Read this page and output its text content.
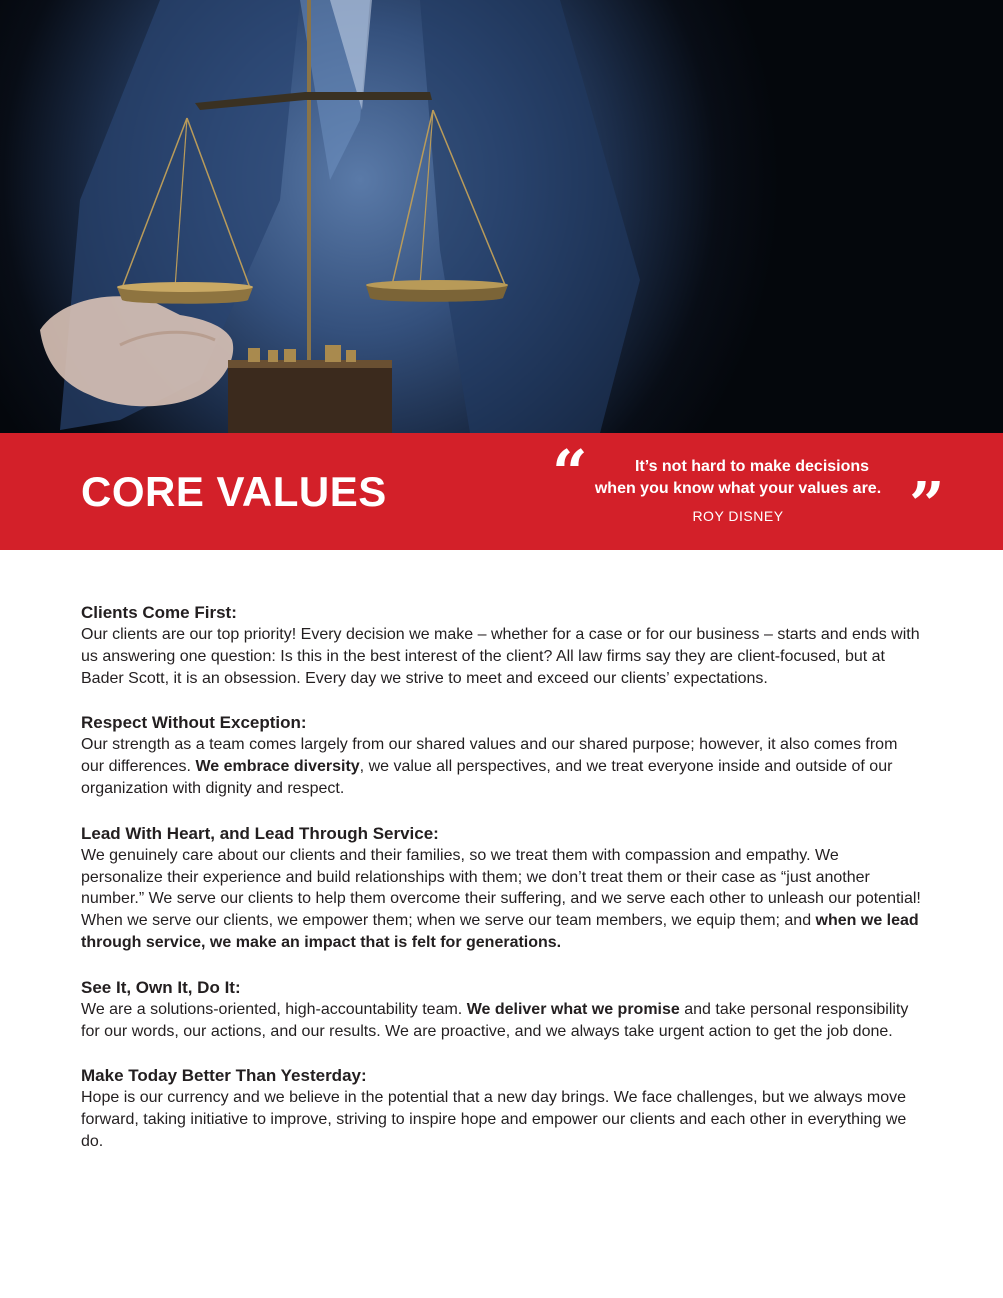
CORE VALUES	“	It’s not hard to make decisions
when you know what your values are. ”
ROY DISNEY
Clients Come First:

Our clients are our top priority! Every decision we make – whether for a case or for our business – starts and ends with us answering one question: Is this in the best interest of the client? All law firms say they are client-focused, but at Bader Scott, it is an obsession. Every day we strive to meet and exceed our clients’ expectations.

Respect Without Exception:

Our strength as a team comes largely from our shared values and our shared purpose; however, it also comes from our differences. We embrace diversity, we value all perspectives, and we treat everyone inside and outside of our organization with dignity and respect.

Lead With Heart, and Lead Through Service:

We genuinely care about our clients and their families, so we treat them with compassion and empathy. We personalize their experience and build relationships with them; we don’t treat them or their case as “just another number.” We serve our clients to help them overcome their suffering, and we serve each other to unleash our potential! When we serve our clients, we empower them; when we serve our team members, we equip them; and when we lead through service, we make an impact that is felt for generations.

See It, Own It, Do It:

We are a solutions-oriented, high-accountability team. We deliver what we promise and take personal responsibility for our words, our actions, and our results. We are proactive, and we always take urgent action to get the job done.

Make Today Better Than Yesterday:

Hope is our currency and we believe in the potential that a new day brings. We face challenges, but we always move forward, taking initiative to improve, striving to inspire hope and empower our clients and each other in everything we do.
